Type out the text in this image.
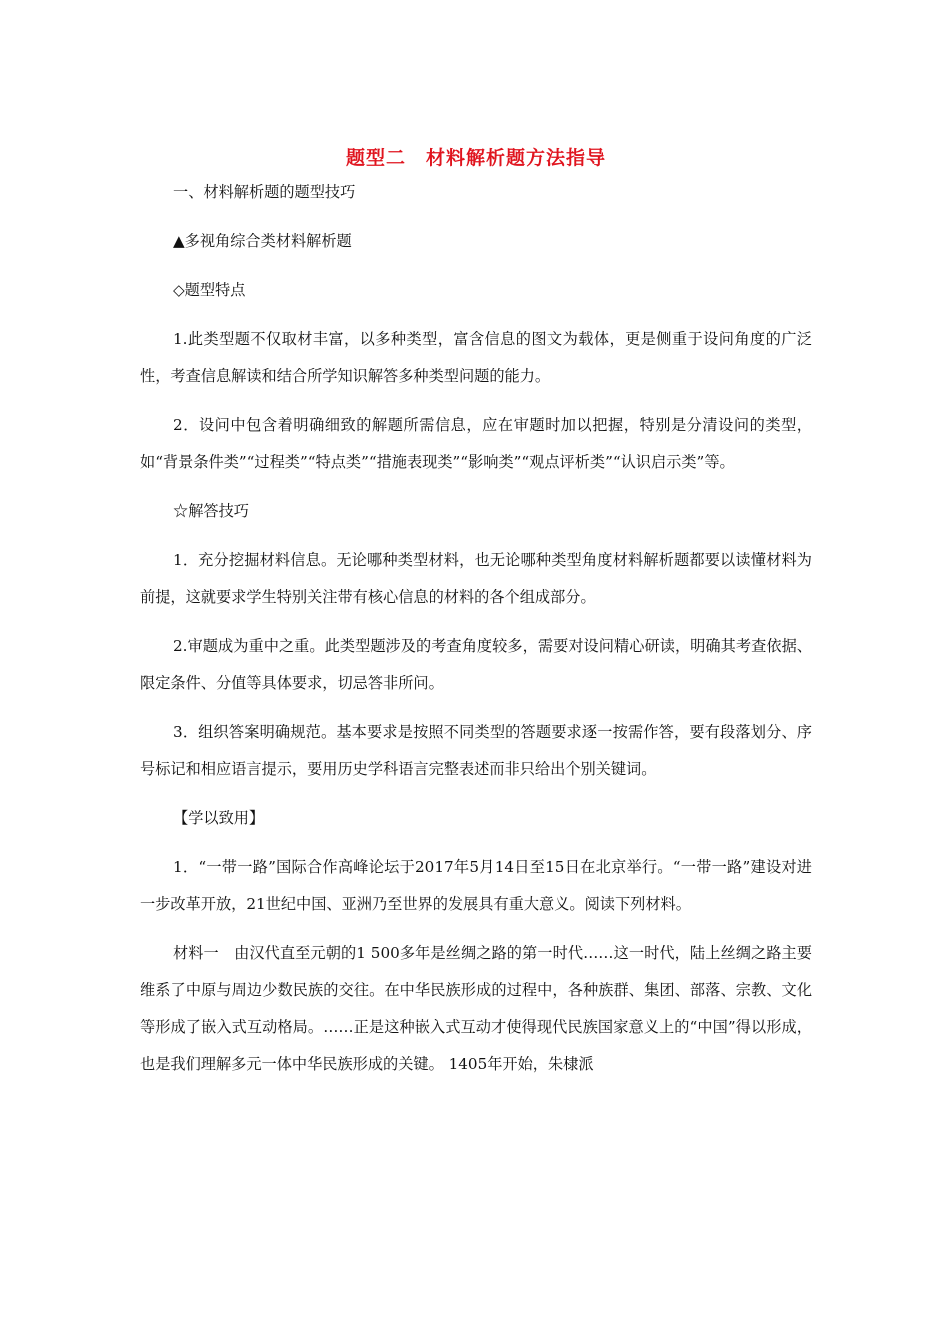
题型二　材料解析题方法指导

一、材料解析题的题型技巧

▲多视角综合类材料解析题

◇题型特点

1.此类型题不仅取材丰富，以多种类型，富含信息的图文为载体，更是侧重于设问角度的广泛性，考查信息解读和结合所学知识解答多种类型问题的能力。

2．设问中包含着明确细致的解题所需信息，应在审题时加以把握，特别是分清设问的类型，如“背景条件类”“过程类”“特点类”“措施表现类”“影响类”“观点评析类”“认识启示类”等。

☆解答技巧

1．充分挖掘材料信息。无论哪种类型材料，也无论哪种类型角度材料解析题都要以读懂材料为前提，这就要求学生特别关注带有核心信息的材料的各个组成部分。

2.审题成为重中之重。此类型题涉及的考查角度较多，需要对设问精心研读，明确其考查依据、限定条件、分值等具体要求，切忌答非所问。

3．组织答案明确规范。基本要求是按照不同类型的答题要求逐一按需作答，要有段落划分、序号标记和相应语言提示，要用历史学科语言完整表述而非只给出个别关键词。

【学以致用】

1．“一带一路”国际合作高峰论坛于2017年5月14日至15日在北京举行。“一带一路”建设对进一步改革开放，21世纪中国、亚洲乃至世界的发展具有重大意义。阅读下列材料。

材料一　由汉代直至元朝的1 500多年是丝绸之路的第一时代……这一时代，陆上丝绸之路主要维系了中原与周边少数民族的交往。在中华民族形成的过程中，各种族群、集团、部落、宗教、文化等形成了嵌入式互动格局。……正是这种嵌入式互动才使得现代民族国家意义上的“中国”得以形成，也是我们理解多元一体中华民族形成的关键。 1405年开始，朱棣派
